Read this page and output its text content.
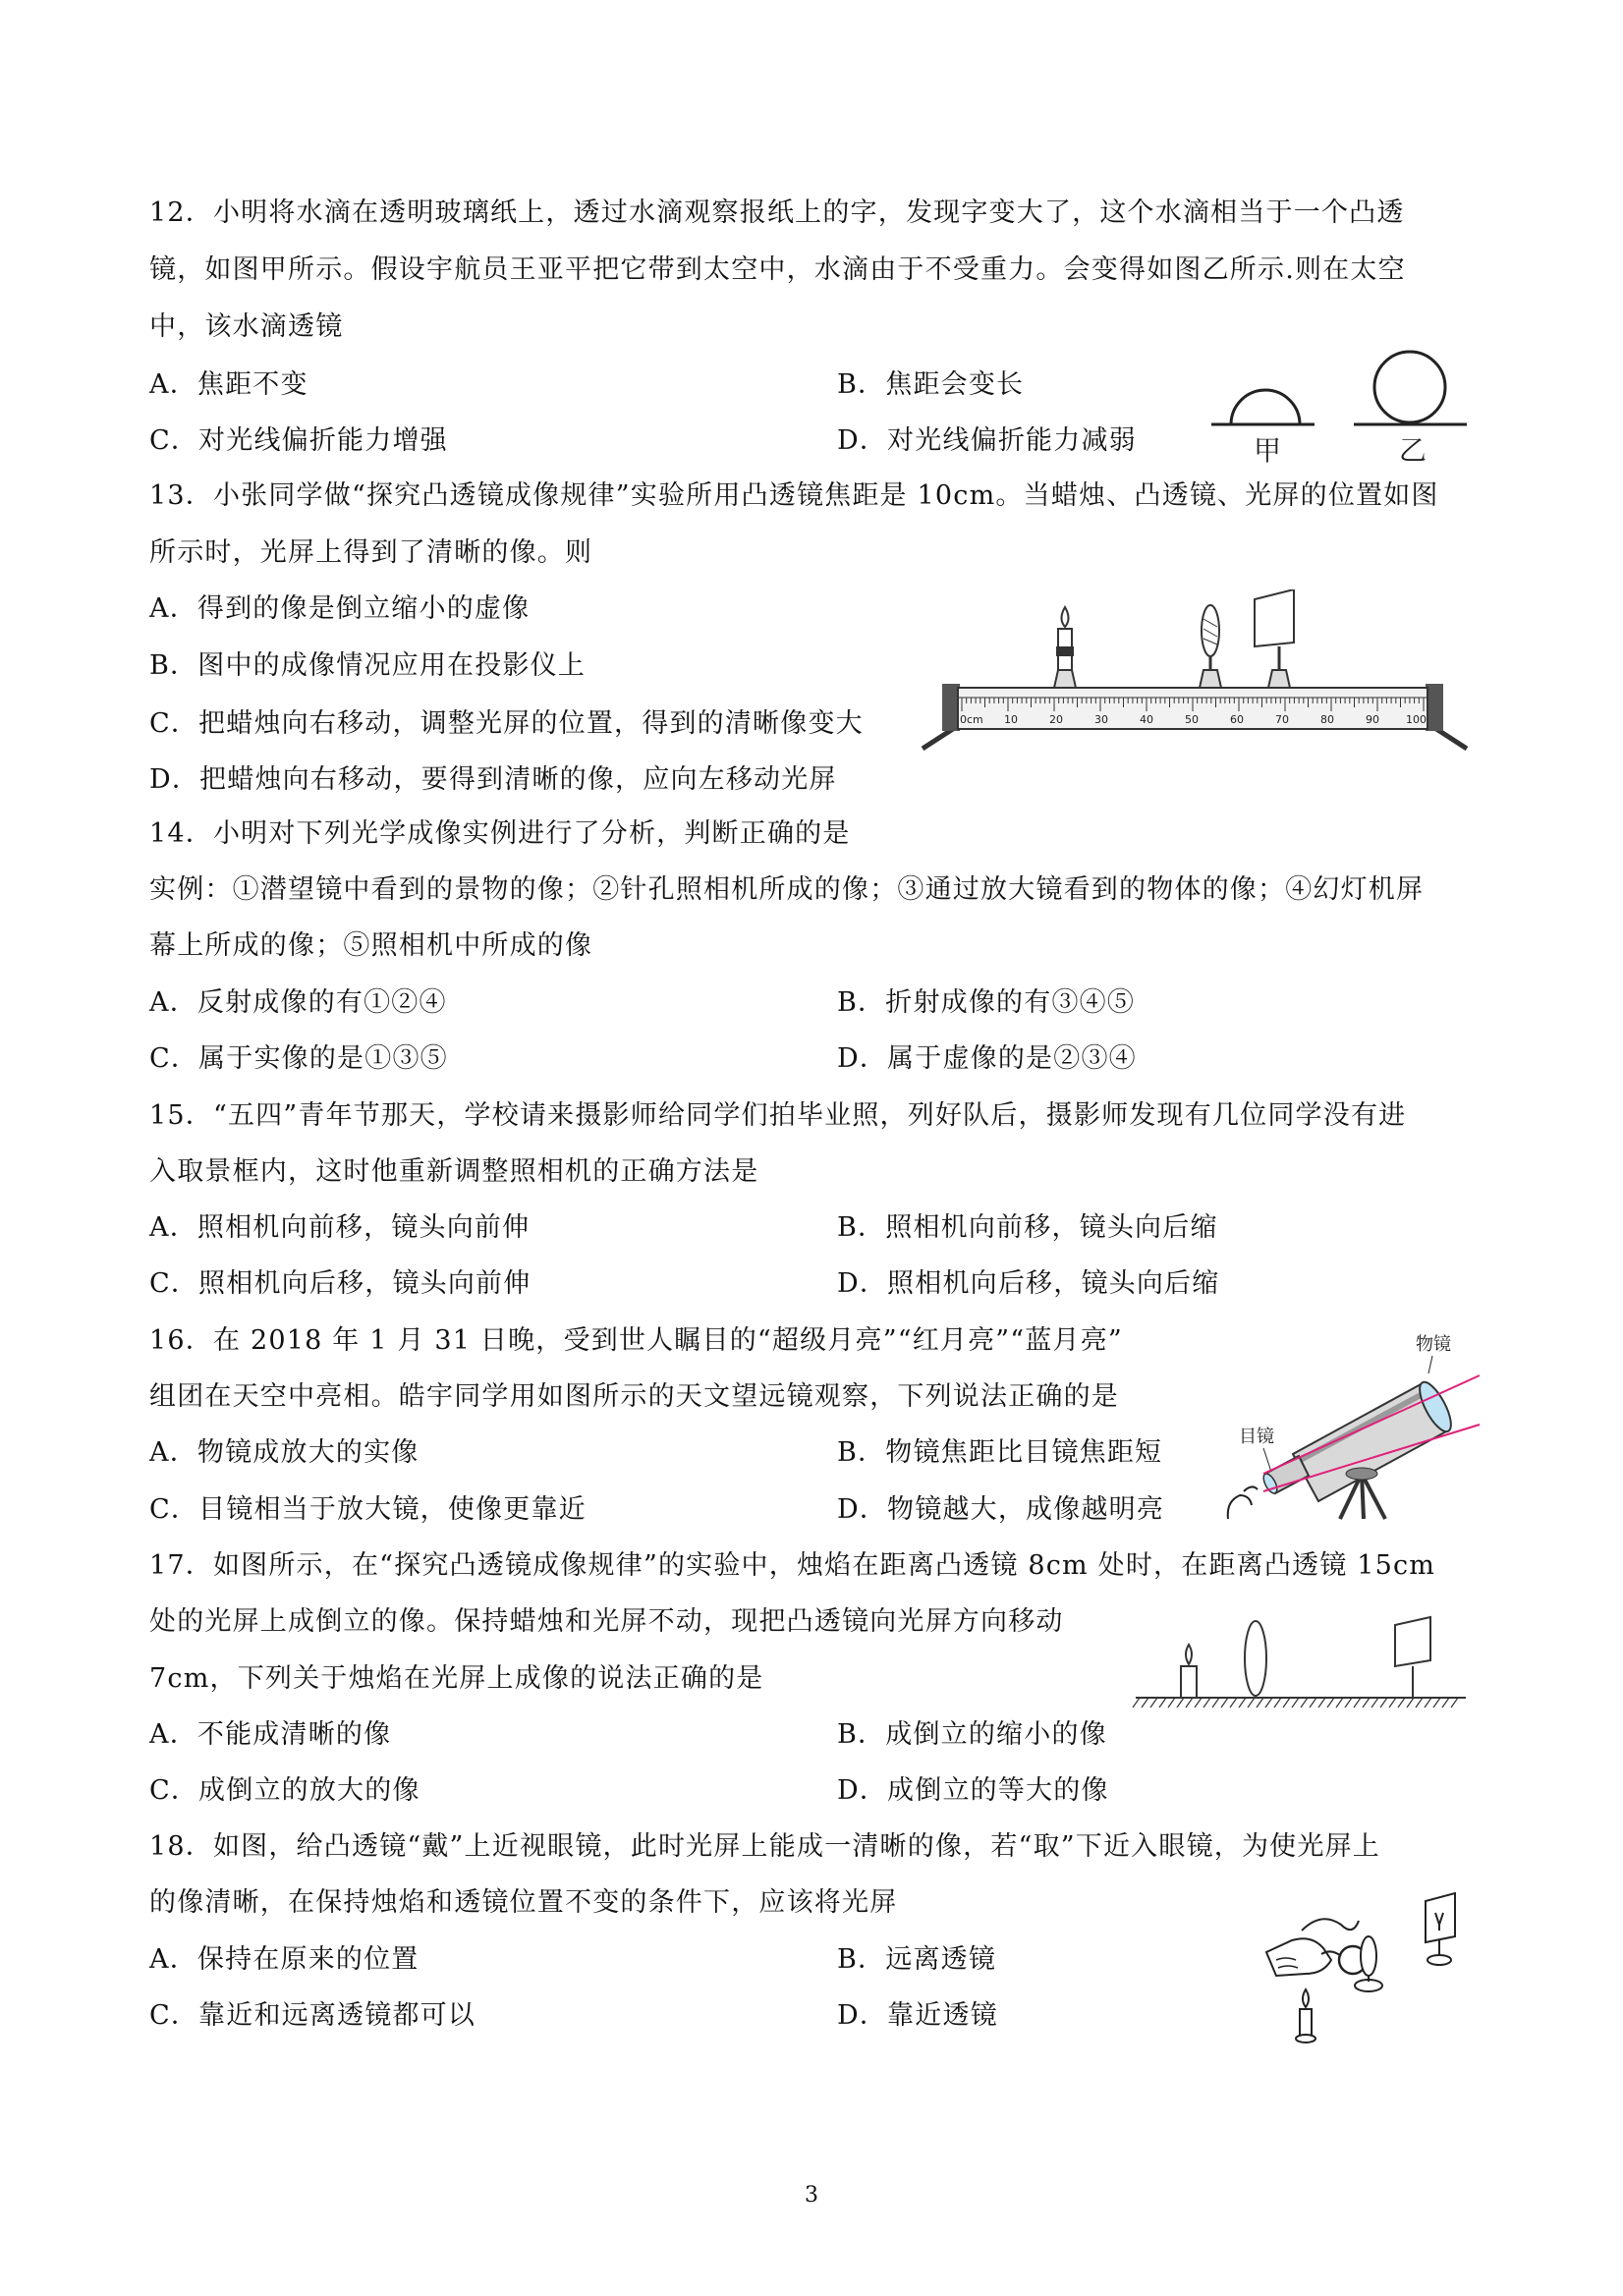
12．小明将水滴在透明玻璃纸上，透过水滴观察报纸上的字，发现字变大了，这个水滴相当于一个凸透
镜，如图甲所示。假设宇航员王亚平把它带到太空中，水滴由于不受重力。会变得如图乙所示.则在太空
中，该水滴透镜
A．焦距不变	B．焦距会变长
C．对光线偏折能力增强	D．对光线偏折能力减弱	甲	乙
13．小张同学做“探究凸透镜成像规律”实验所用凸透镜焦距是 10cm。当蜡烛、凸透镜、光屏的位置如图
所示时，光屏上得到了清晰的像。则
A．得到的像是倒立缩小的虚像
B．图中的成像情况应用在投影仪上
C．把蜡烛向右移动，调整光屏的位置，得到的清晰像变大
D．把蜡烛向右移动，要得到清晰的像，应向左移动光屏
0cm 10	20	30	40	50	60	70	80	90 100
14．小明对下列光学成像实例进行了分析，判断正确的是
实例：①潜望镜中看到的景物的像；②针孔照相机所成的像；③通过放大镜看到的物体的像；④幻灯机屏
幕上所成的像；⑤照相机中所成的像
A．反射成像的有①②④	B．折射成像的有③④⑤
C．属于实像的是①③⑤	D．属于虚像的是②③④
15．“五四”青年节那天，学校请来摄影师给同学们拍毕业照，列好队后，摄影师发现有几位同学没有进
入取景框内，这时他重新调整照相机的正确方法是
A．照相机向前移，镜头向前伸	B．照相机向前移，镜头向后缩
C．照相机向后移，镜头向前伸	D．照相机向后移，镜头向后缩
16．在 2018 年 1 月 31 日晚，受到世人瞩目的“超级月亮”“红月亮”“蓝月亮”
组团在天空中亮相。皓宇同学用如图所示的天文望远镜观察，下列说法正确的是
A．物镜成放大的实像	B．物镜焦距比目镜焦距短
C．目镜相当于放大镜，使像更靠近	D．物镜越大，成像越明亮
物镜
目镜
17．如图所示，在“探究凸透镜成像规律”的实验中，烛焰在距离凸透镜 8cm 处时，在距离凸透镜 15cm
处的光屏上成倒立的像。保持蜡烛和光屏不动，现把凸透镜向光屏方向移动
7cm，下列关于烛焰在光屏上成像的说法正确的是
A．不能成清晰的像	B．成倒立的缩小的像
C．成倒立的放大的像	D．成倒立的等大的像
18．如图，给凸透镜“戴”上近视眼镜，此时光屏上能成一清晰的像，若“取”下近入眼镜，为使光屏上
的像清晰，在保持烛焰和透镜位置不变的条件下，应该将光屏
A．保持在原来的位置	B．远离透镜
C．靠近和远离透镜都可以	D．靠近透镜
3
